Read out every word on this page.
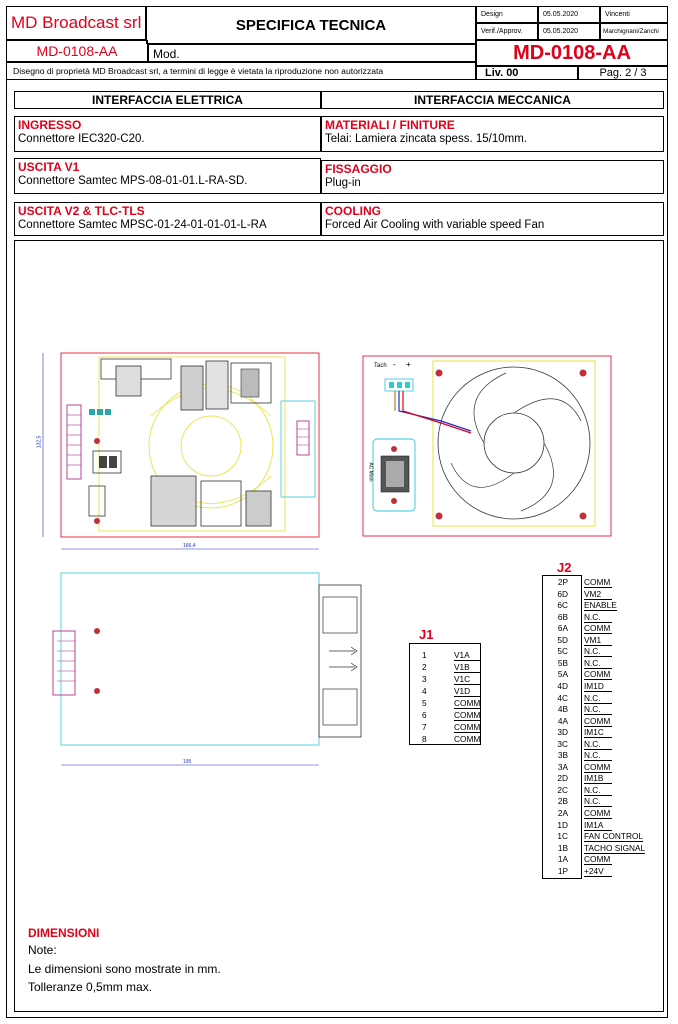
MD Broadcast srl	SPECIFICA TECNICA
MD-0108-AA	Mod.
Disegno di proprietà MD Broadcast srl, a termini di legge è vietata la riproduzione non autorizzata
Design	05.05.2020	Vincenti
Verif./Approv.	05.05.2020	Marchignani/Zanchi
MD-0108-AA
Liv. 00	Pag. 2 / 3
INTERFACCIA ELETTRICA	INTERFACCIA MECCANICA
INGRESSO
Connettore IEC320-C20.
MATERIALI / FINITURE
Telai: Lamiera zincata spess. 15/10mm.
USCITA V1
Connettore Samtec MPS-08-01-01.L-RA-SD.
FISSAGGIO
Plug-in
USCITA V2 & TLC-TLS
Connettore Samtec MPSC-01-24-01-01-01-L-RA
COOLING
Forced Air Cooling with variable speed Fan
132,5
166,4
195
Tach - +
AC Main
J1
1	V1A
2	V1B
3	V1C
4	V1D
5	COMM
6	COMM
7	COMM
8	COMM
J2
2P COMM
6D VM2
6C ENABLE
6B N.C.
6A COMM
5D VM1
5C N.C.
5B N.C.
5A COMM
4D IM1D
4C N.C.
4B N.C.
4A COMM
3D IM1C
3C N.C.
3B N.C.
3A COMM
2D IM1B
2C N.C.
2B N.C.
2A COMM
1D IM1A
1C FAN CONTROL
1B TACHO SIGNAL
1A COMM
1P +24V
DIMENSIONI
Note:
Le dimensioni sono mostrate in mm.
Tolleranze 0,5mm max.
